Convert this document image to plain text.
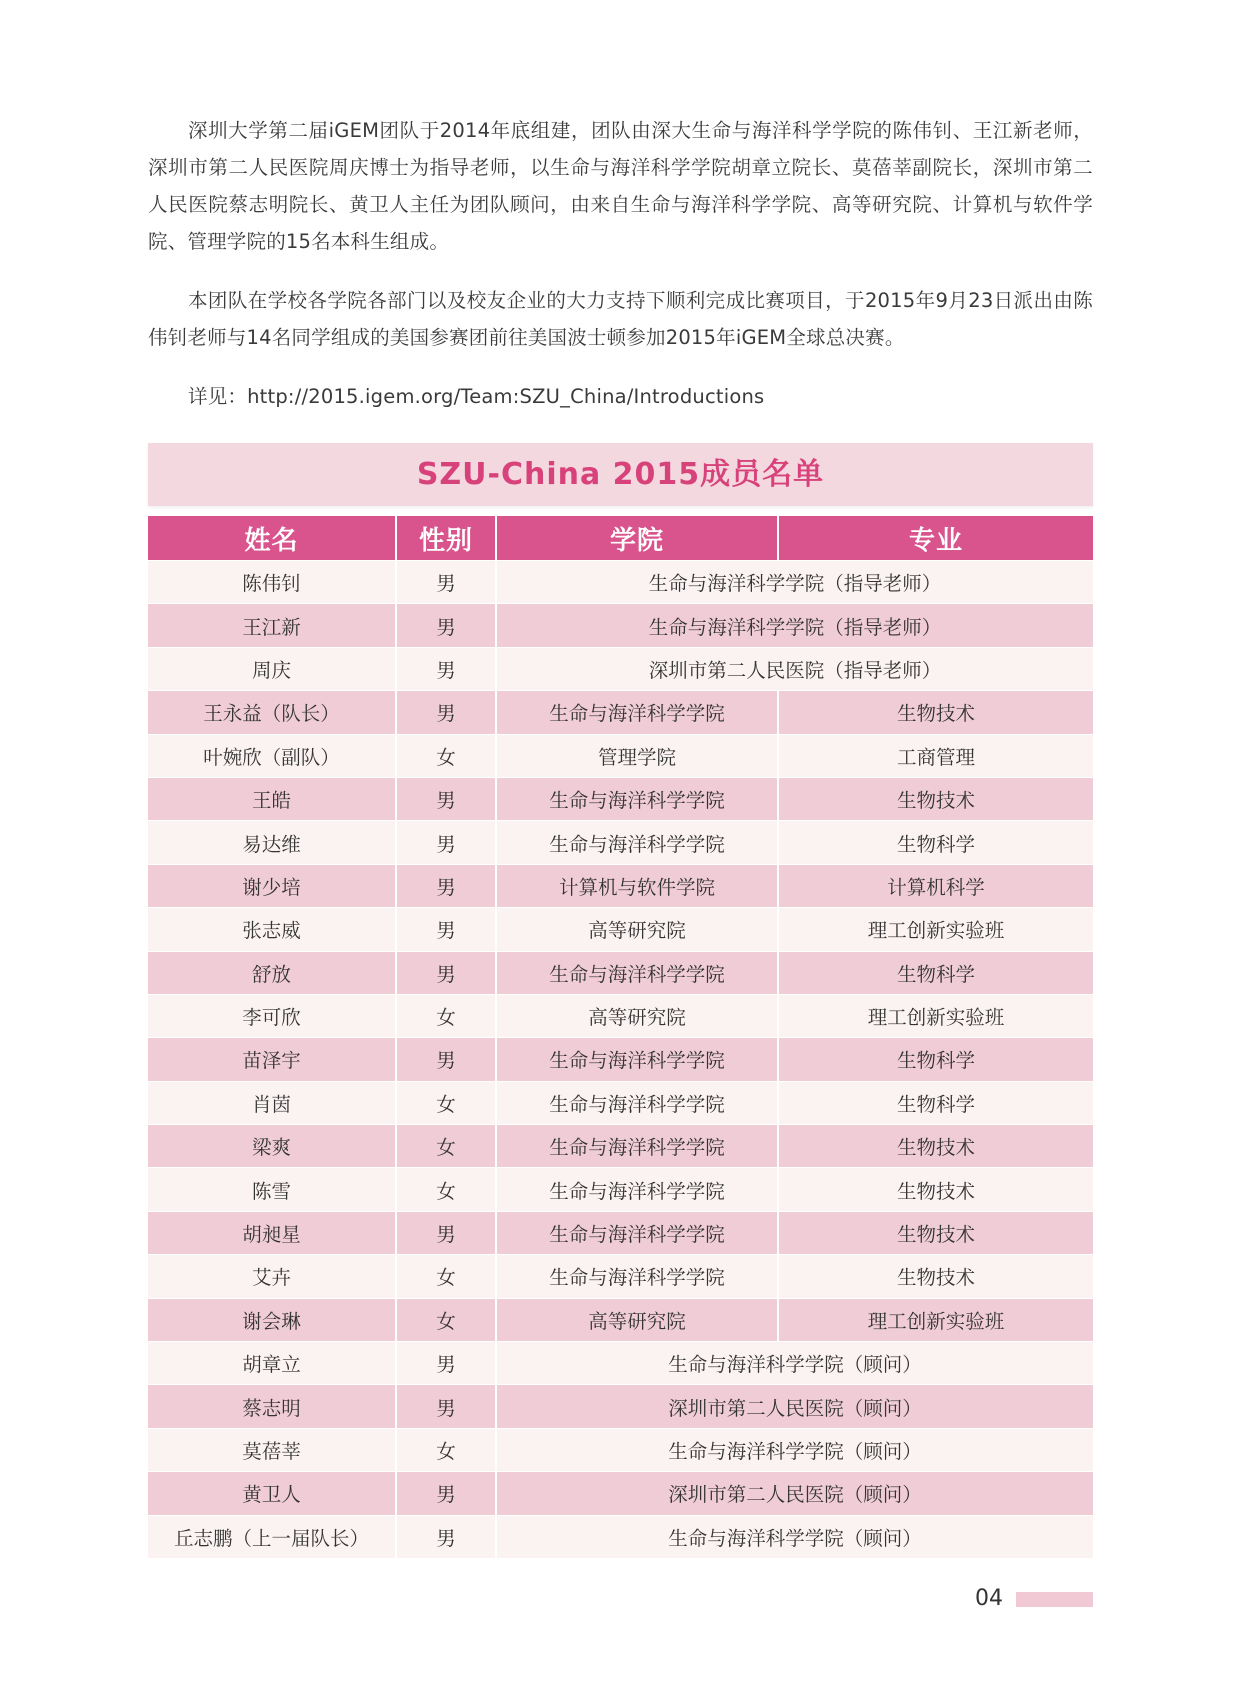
深圳大学第二届iGEM团队于2014年底组建，团队由深大生命与海洋科学学院的陈伟钊、王江新老师，深圳市第二人民医院周庆博士为指导老师，以生命与海洋科学学院胡章立院长、莫蓓莘副院长，深圳市第二人民医院蔡志明院长、黄卫人主任为团队顾问，由来自生命与海洋科学学院、高等研究院、计算机与软件学院、管理学院的15名本科生组成。

本团队在学校各学院各部门以及校友企业的大力支持下顺利完成比赛项目，于2015年9月23日派出由陈伟钊老师与14名同学组成的美国参赛团前往美国波士顿参加2015年iGEM全球总决赛。

详见：http://2015.igem.org/Team:SZU_China/Introductions

SZU-China 2015成员名单
姓名	性别	学院	专业
陈伟钊	男	生命与海洋科学学院（指导老师）	
王江新	男	生命与海洋科学学院（指导老师）	
周庆	男	深圳市第二人民医院（指导老师）	
王永益（队长）	男	生命与海洋科学学院	生物技术
叶婉欣（副队）	女	管理学院	工商管理
王皓	男	生命与海洋科学学院	生物技术
易达维	男	生命与海洋科学学院	生物科学
谢少培	男	计算机与软件学院	计算机科学
张志威	男	高等研究院	理工创新实验班
舒放	男	生命与海洋科学学院	生物科学
李可欣	女	高等研究院	理工创新实验班
苗泽宇	男	生命与海洋科学学院	生物科学
肖茵	女	生命与海洋科学学院	生物科学
梁爽	女	生命与海洋科学学院	生物技术
陈雪	女	生命与海洋科学学院	生物技术
胡昶星	男	生命与海洋科学学院	生物技术
艾卉	女	生命与海洋科学学院	生物技术
谢会琳	女	高等研究院	理工创新实验班
胡章立	男	生命与海洋科学学院（顾问）	
蔡志明	男	深圳市第二人民医院（顾问）	
莫蓓莘	女	生命与海洋科学学院（顾问）	
黄卫人	男	深圳市第二人民医院（顾问）	
丘志鹏（上一届队长）	男	生命与海洋科学学院（顾问）	
04
